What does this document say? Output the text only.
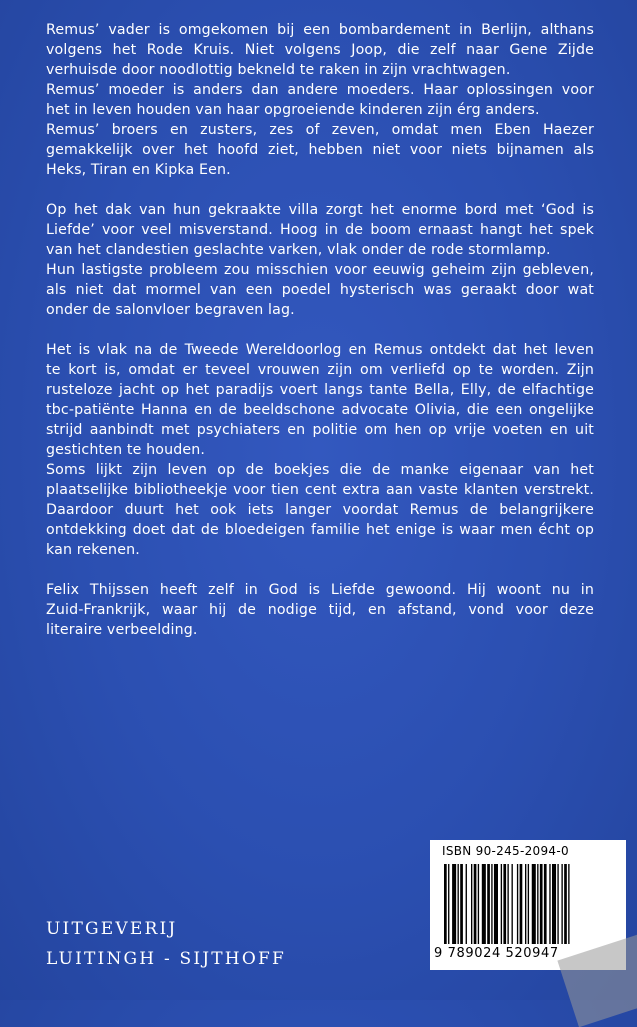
Remus’ vader is omgekomen bij een bombardement in Berlijn, althans
volgens het Rode Kruis. Niet volgens Joop, die zelf naar Gene Zijde
verhuisde door noodlottig bekneld te raken in zijn vrachtwagen.
Remus’ moeder is anders dan andere moeders. Haar oplossingen voor
het in leven houden van haar opgroeiende kinderen zijn érg anders.
Remus’ broers en zusters, zes of zeven, omdat men Eben Haezer
gemakkelijk over het hoofd ziet, hebben niet voor niets bijnamen als
Heks, Tiran en Kipka Een.
Op het dak van hun gekraakte villa zorgt het enorme bord met ‘God is
Liefde’ voor veel misverstand. Hoog in de boom ernaast hangt het spek
van het clandestien geslachte varken, vlak onder de rode stormlamp.
Hun lastigste probleem zou misschien voor eeuwig geheim zijn gebleven,
als niet dat mormel van een poedel hysterisch was geraakt door wat
onder de salonvloer begraven lag.
Het is vlak na de Tweede Wereldoorlog en Remus ontdekt dat het leven
te kort is, omdat er teveel vrouwen zijn om verliefd op te worden. Zijn
rusteloze jacht op het paradijs voert langs tante Bella, Elly, de elfachtige
tbc-patiënte Hanna en de beeldschone advocate Olivia, die een ongelijke
strijd aanbindt met psychiaters en politie om hen op vrije voeten en uit
gestichten te houden.
Soms lijkt zijn leven op de boekjes die de manke eigenaar van het
plaatselijke bibliotheekje voor tien cent extra aan vaste klanten verstrekt.
Daardoor duurt het ook iets langer voordat Remus de belangrijkere
ontdekking doet dat de bloedeigen familie het enige is waar men écht op
kan rekenen.
Felix Thijssen heeft zelf in God is Liefde gewoond. Hij woont nu in
Zuid-Frankrijk, waar hij de nodige tijd, en afstand, vond voor deze
literaire verbeelding.
ISBN 90-245-2094-0
9 789024 520947
UITGEVERIJ
LUITINGH - SIJTHOFF
